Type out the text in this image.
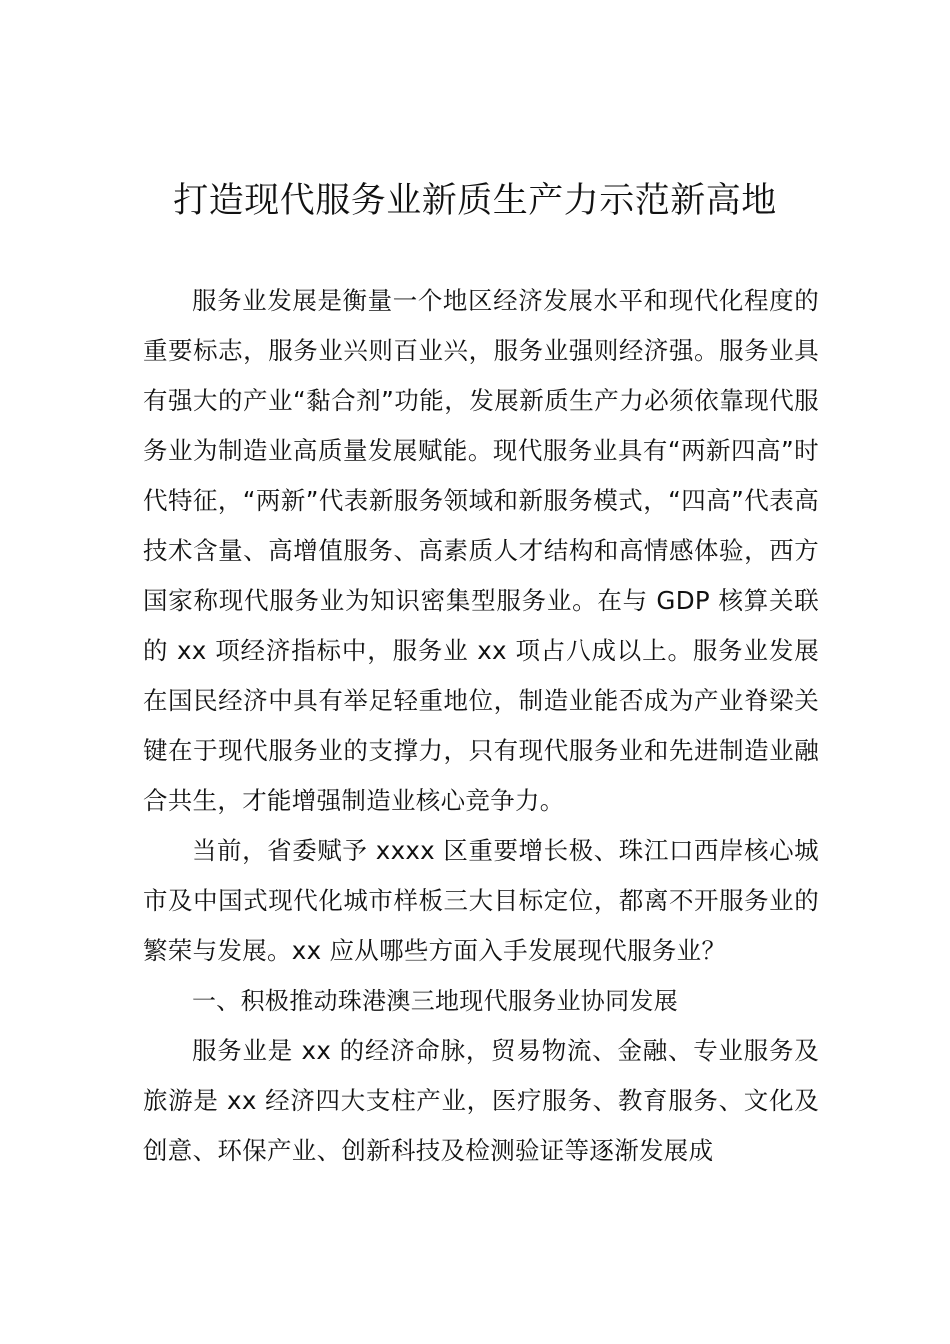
打造现代服务业新质生产力示范新高地

服务业发展是衡量一个地区经济发展水平和现代化程度的重要标志，服务业兴则百业兴，服务业强则经济强。服务业具有强大的产业“黏合剂”功能，发展新质生产力必须依靠现代服务业为制造业高质量发展赋能。现代服务业具有“两新四高”时代特征，“两新”代表新服务领域和新服务模式，“四高”代表高技术含量、高增值服务、高素质人才结构和高情感体验，西方国家称现代服务业为知识密集型服务业。在与 GDP 核算关联的 xx 项经济指标中，服务业 xx 项占八成以上。服务业发展在国民经济中具有举足轻重地位，制造业能否成为产业脊梁关键在于现代服务业的支撑力，只有现代服务业和先进制造业融合共生，才能增强制造业核心竞争力。

当前，省委赋予 xxxx 区重要增长极、珠江口西岸核心城市及中国式现代化城市样板三大目标定位，都离不开服务业的繁荣与发展。xx 应从哪些方面入手发展现代服务业？

一、积极推动珠港澳三地现代服务业协同发展

服务业是 xx 的经济命脉，贸易物流、金融、专业服务及旅游是 xx 经济四大支柱产业，医疗服务、教育服务、文化及创意、环保产业、创新科技及检测验证等逐渐发展成
